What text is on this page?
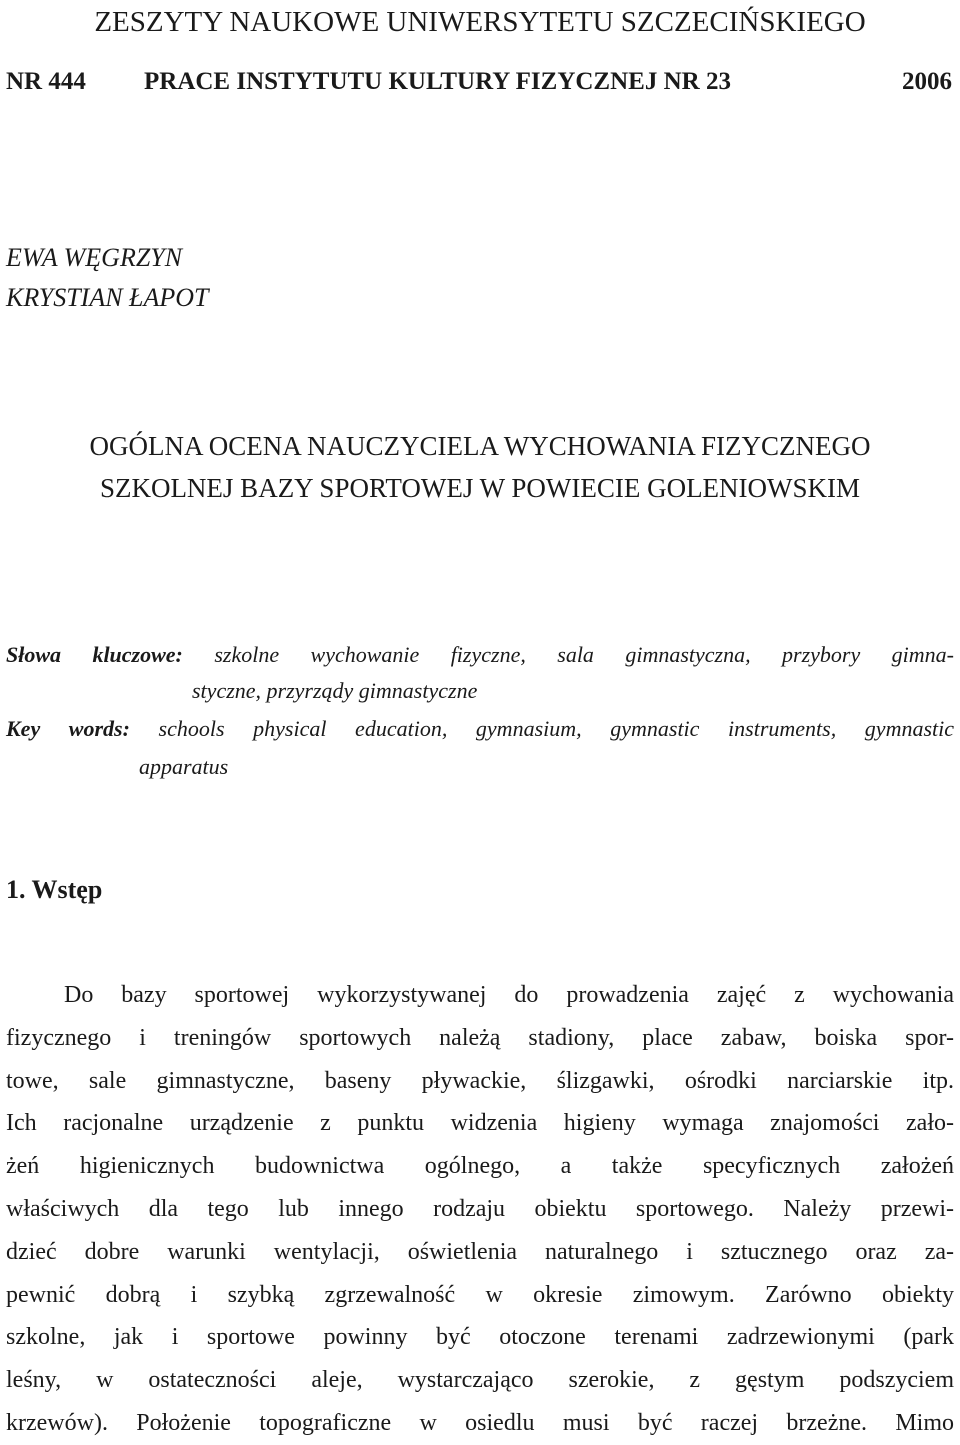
ZESZYTY NAUKOWE UNIWERSYTETU SZCZECIŃSKIEGO
NR 444 PRACE INSTYTUTU KULTURY FIZYCZNEJ NR 23	2006
EWA WĘGRZYN
KRYSTIAN ŁAPOT
OGÓLNA OCENA NAUCZYCIELA WYCHOWANIA FIZYCZNEGO
SZKOLNEJ BAZY SPORTOWEJ W POWIECIE GOLENIOWSKIM
Słowa kluczowe: szkolne wychowanie fizyczne, sala gimnastyczna, przybory gimna-
styczne, przyrządy gimnastyczne
Key words: schools physical education, gymnasium, gymnastic instruments, gymnastic
apparatus
1. Wstęp
Do bazy sportowej wykorzystywanej do prowadzenia zajęć z wychowania
fizycznego i treningów sportowych należą stadiony, place zabaw, boiska spor-
towe, sale gimnastyczne, baseny pływackie, ślizgawki, ośrodki narciarskie itp.
Ich racjonalne urządzenie z punktu widzenia higieny wymaga znajomości zało-
żeń higienicznych budownictwa ogólnego, a także specyficznych założeń
właściwych dla tego lub innego rodzaju obiektu sportowego. Należy przewi-
dzieć dobre warunki wentylacji, oświetlenia naturalnego i sztucznego oraz za-
pewnić dobrą i szybką zgrzewalność w okresie zimowym. Zarówno obiekty
szkolne, jak i sportowe powinny być otoczone terenami zadrzewionymi (park
leśny, w ostateczności aleje, wystarczająco szerokie, z gęstym podszyciem
krzewów). Położenie topograficzne w osiedlu musi być raczej brzeżne. Mimo
